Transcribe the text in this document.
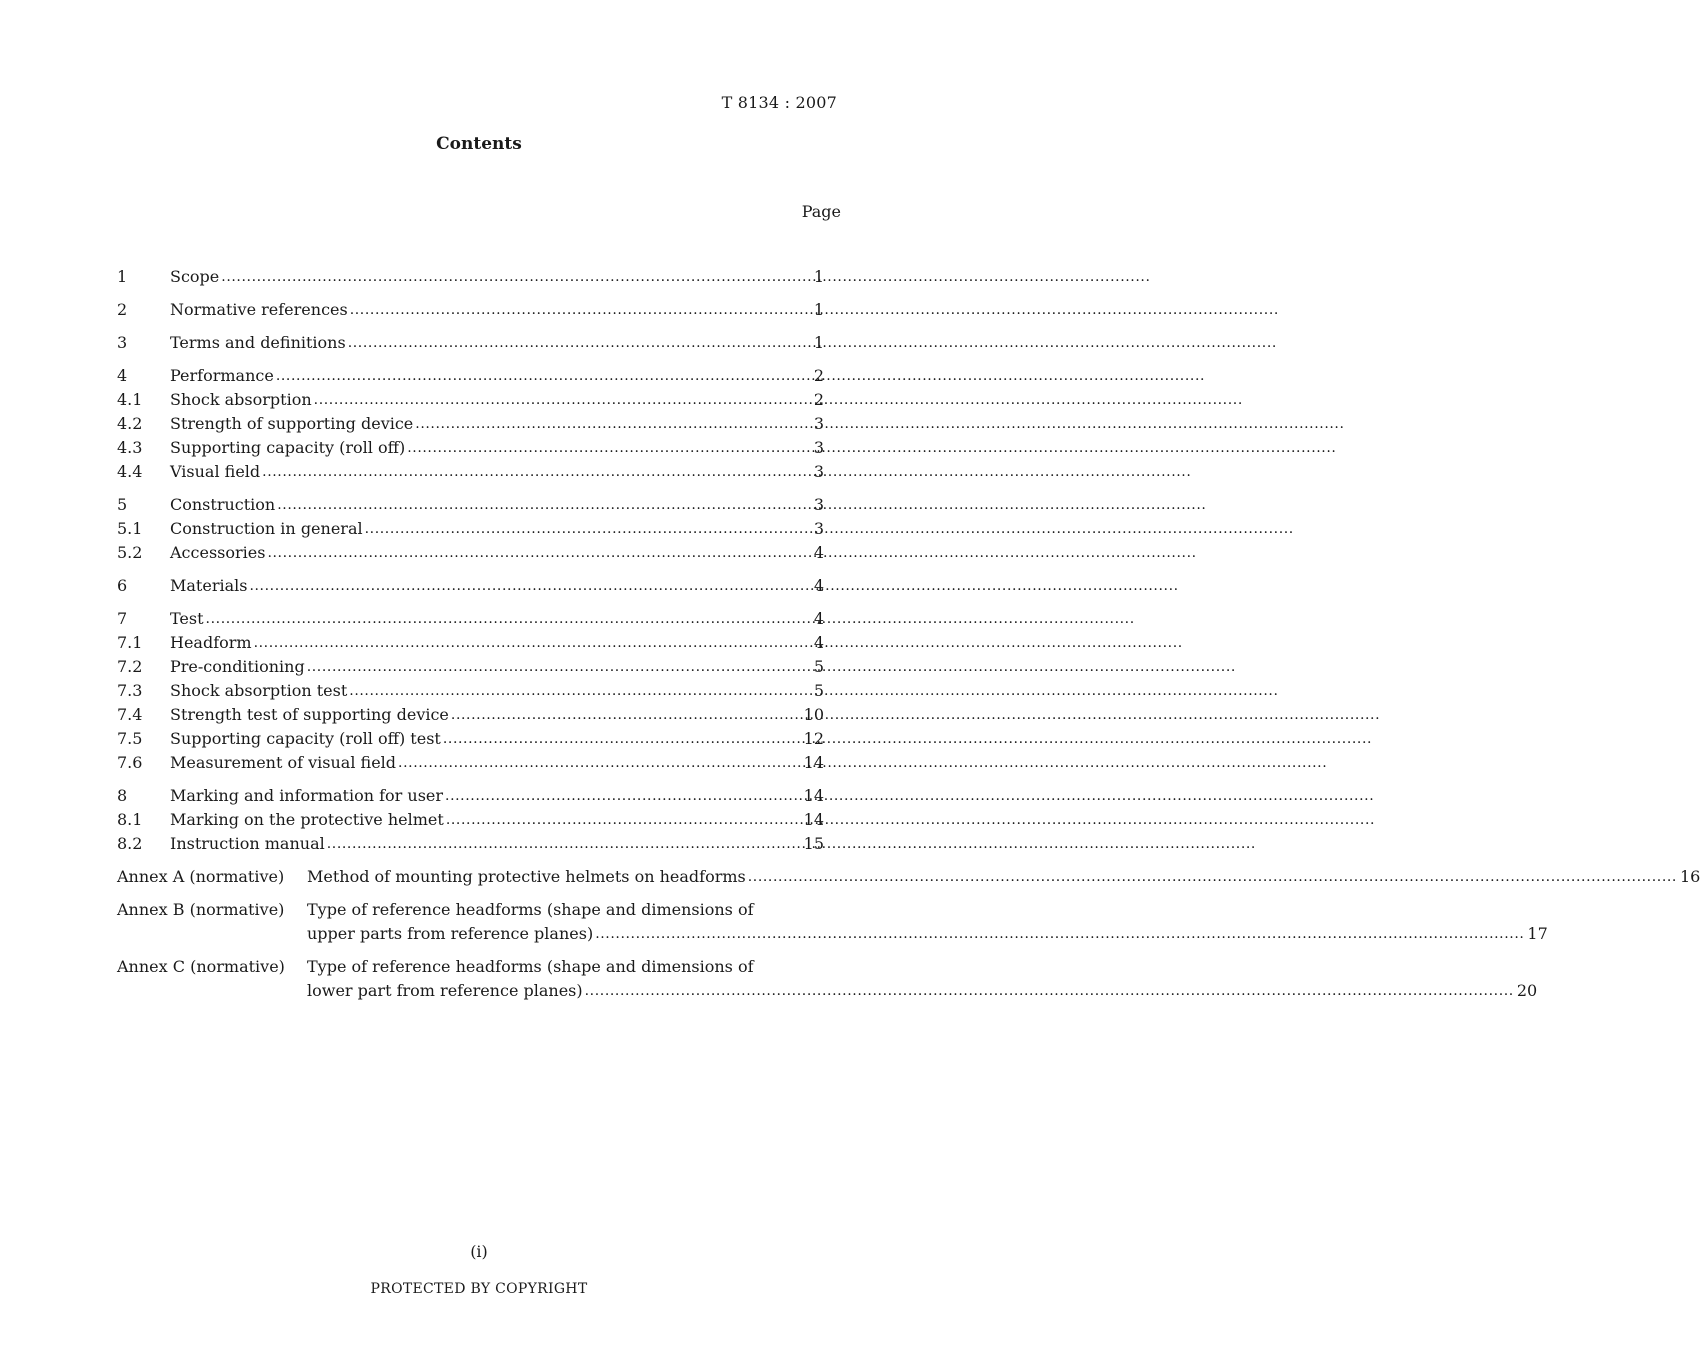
T 8134 : 2007
Contents
Page
1	Scope .....	1
2	Normative references .....	1
3	Terms and definitions .....	1
4	Performance .....	2
4.1	Shock absorption .....	2
4.2	Strength of supporting device .....	3
4.3	Supporting capacity (roll off) .....	3
4.4	Visual field .....	3
5	Construction .....	3
5.1	Construction in general .....	3
5.2	Accessories .....	4
6	Materials .....	4
7	Test .....	4
7.1	Headform .....	4
7.2	Pre-conditioning .....	5
7.3	Shock absorption test .....	5
7.4	Strength test of supporting device .....	10
7.5	Supporting capacity (roll off) test .....	12
7.6	Measurement of visual field .....	14
8	Marking and information for user .....	14
8.1	Marking on the protective helmet .....	14
8.2	Instruction manual .....	15
Annex A (normative)	Method of mounting protective helmets on headforms .....	16
Annex B (normative)	Type of reference headforms (shape and dimensions of
upper parts from reference planes) .....	17
Annex C (normative)	Type of reference headforms (shape and dimensions of
lower part from reference planes) .....	20
(i)
PROTECTED BY COPYRIGHT
